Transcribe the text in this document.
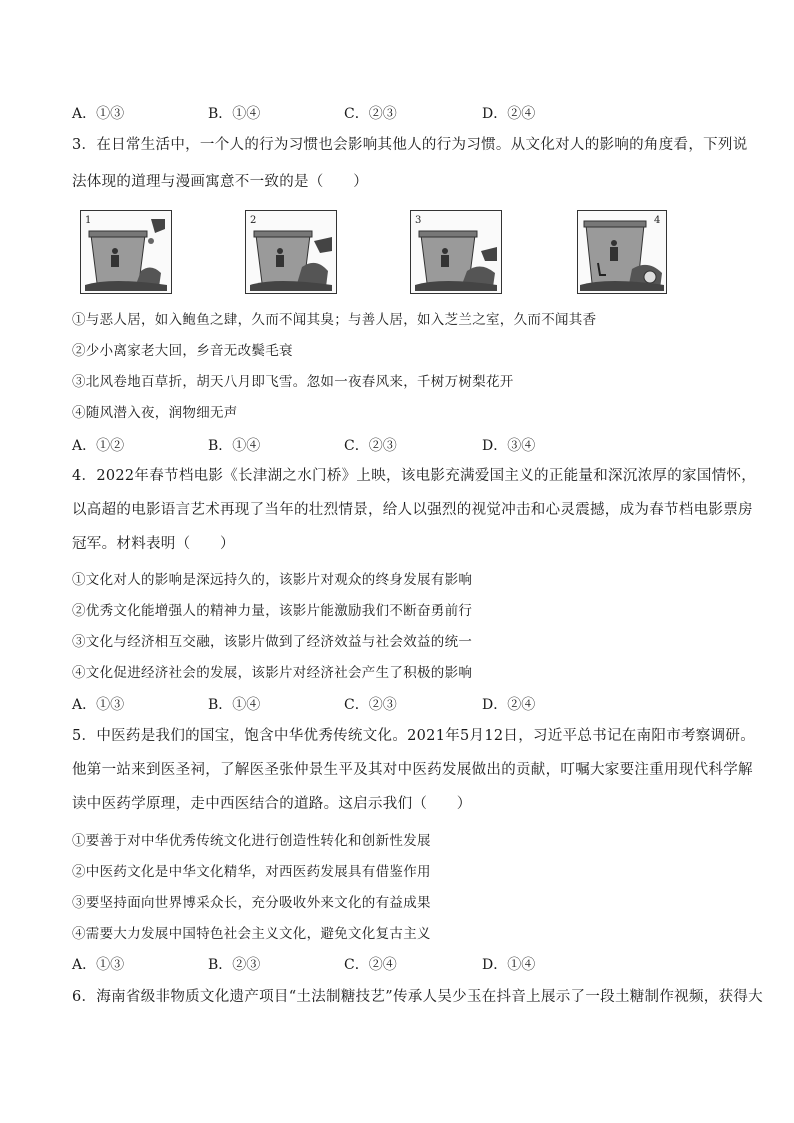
A．①③	B．①④	C．②③	D．②④
3．在日常生活中，一个人的行为习惯也会影响其他人的行为习惯。从文化对人的影响的角度看，下列说
法体现的道理与漫画寓意不一致的是（　　）
1	2	3	4
①与恶人居，如入鲍鱼之肆，久而不闻其臭；与善人居，如入芝兰之室，久而不闻其香
②少小离家老大回，乡音无改鬓毛衰
③北风卷地百草折，胡天八月即飞雪。忽如一夜春风来，千树万树梨花开
④随风潜入夜，润物细无声
A．①②	B．①④	C．②③	D．③④
4．2022年春节档电影《长津湖之水门桥》上映，该电影充满爱国主义的正能量和深沉浓厚的家国情怀，
以高超的电影语言艺术再现了当年的壮烈情景，给人以强烈的视觉冲击和心灵震撼，成为春节档电影票房
冠军。材料表明（　　）
①文化对人的影响是深远持久的，该影片对观众的终身发展有影响
②优秀文化能增强人的精神力量，该影片能激励我们不断奋勇前行
③文化与经济相互交融，该影片做到了经济效益与社会效益的统一
④文化促进经济社会的发展，该影片对经济社会产生了积极的影响
A．①③	B．①④	C．②③	D．②④
5．中医药是我们的国宝，饱含中华优秀传统文化。2021年5月12日，习近平总书记在南阳市考察调研。
他第一站来到医圣祠，了解医圣张仲景生平及其对中医药发展做出的贡献，叮嘱大家要注重用现代科学解
读中医药学原理，走中西医结合的道路。这启示我们（　　）
①要善于对中华优秀传统文化进行创造性转化和创新性发展
②中医药文化是中华文化精华，对西医药发展具有借鉴作用
③要坚持面向世界博采众长，充分吸收外来文化的有益成果
④需要大力发展中国特色社会主义文化，避免文化复古主义
A．①③	B．②③	C．②④	D．①④
6．海南省级非物质文化遗产项目“土法制糖技艺”传承人吴少玉在抖音上展示了一段土糖制作视频，获得大
